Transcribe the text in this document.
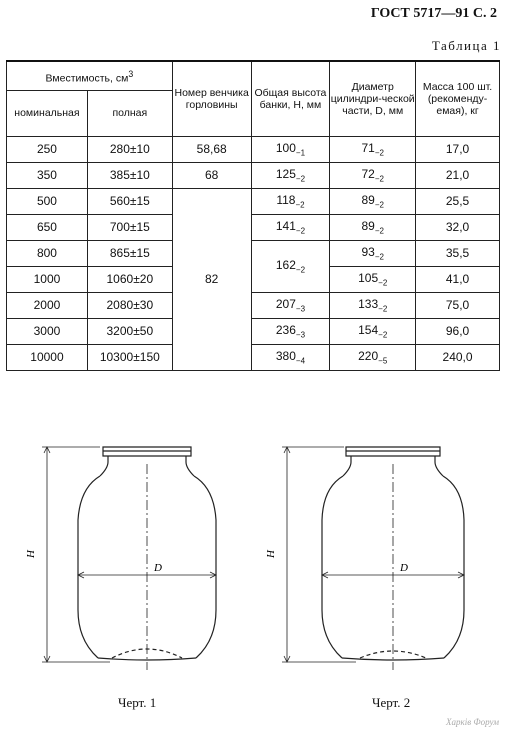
ГОСТ 5717—91 С. 2
Таблица 1
Вместимость, $см^3$		Номер венчика горловины	Общая высота банки, H, мм	Диаметр цилиндри-ческой части, D, мм	Масса 100 шт. (рекоменду-емая), кг
номинальная	полная				
250	280±10	58,68	$100_{-1}$	$71_{-2}$	17,0
350	385±10	68	$125_{-2}$	$72_{-2}$	21,0
500	560±15	82	$118_{-2}$	$89_{-2}$	25,5
650	700±15		$141_{-2}$	$89_{-2}$	32,0
800	865±15		$162_{-2}$	$93_{-2}$	35,5
1000	1060±20			$105_{-2}$	41,0
2000	2080±30		$207_{-3}$	$133_{-2}$	75,0
3000	3200±50		$236_{-3}$	$154_{-2}$	96,0
10000	10300±150		$380_{-4}$	$220_{-5}$	240,0
H
D
H
D
Черт. 1	Черт. 2
Харків Форум
